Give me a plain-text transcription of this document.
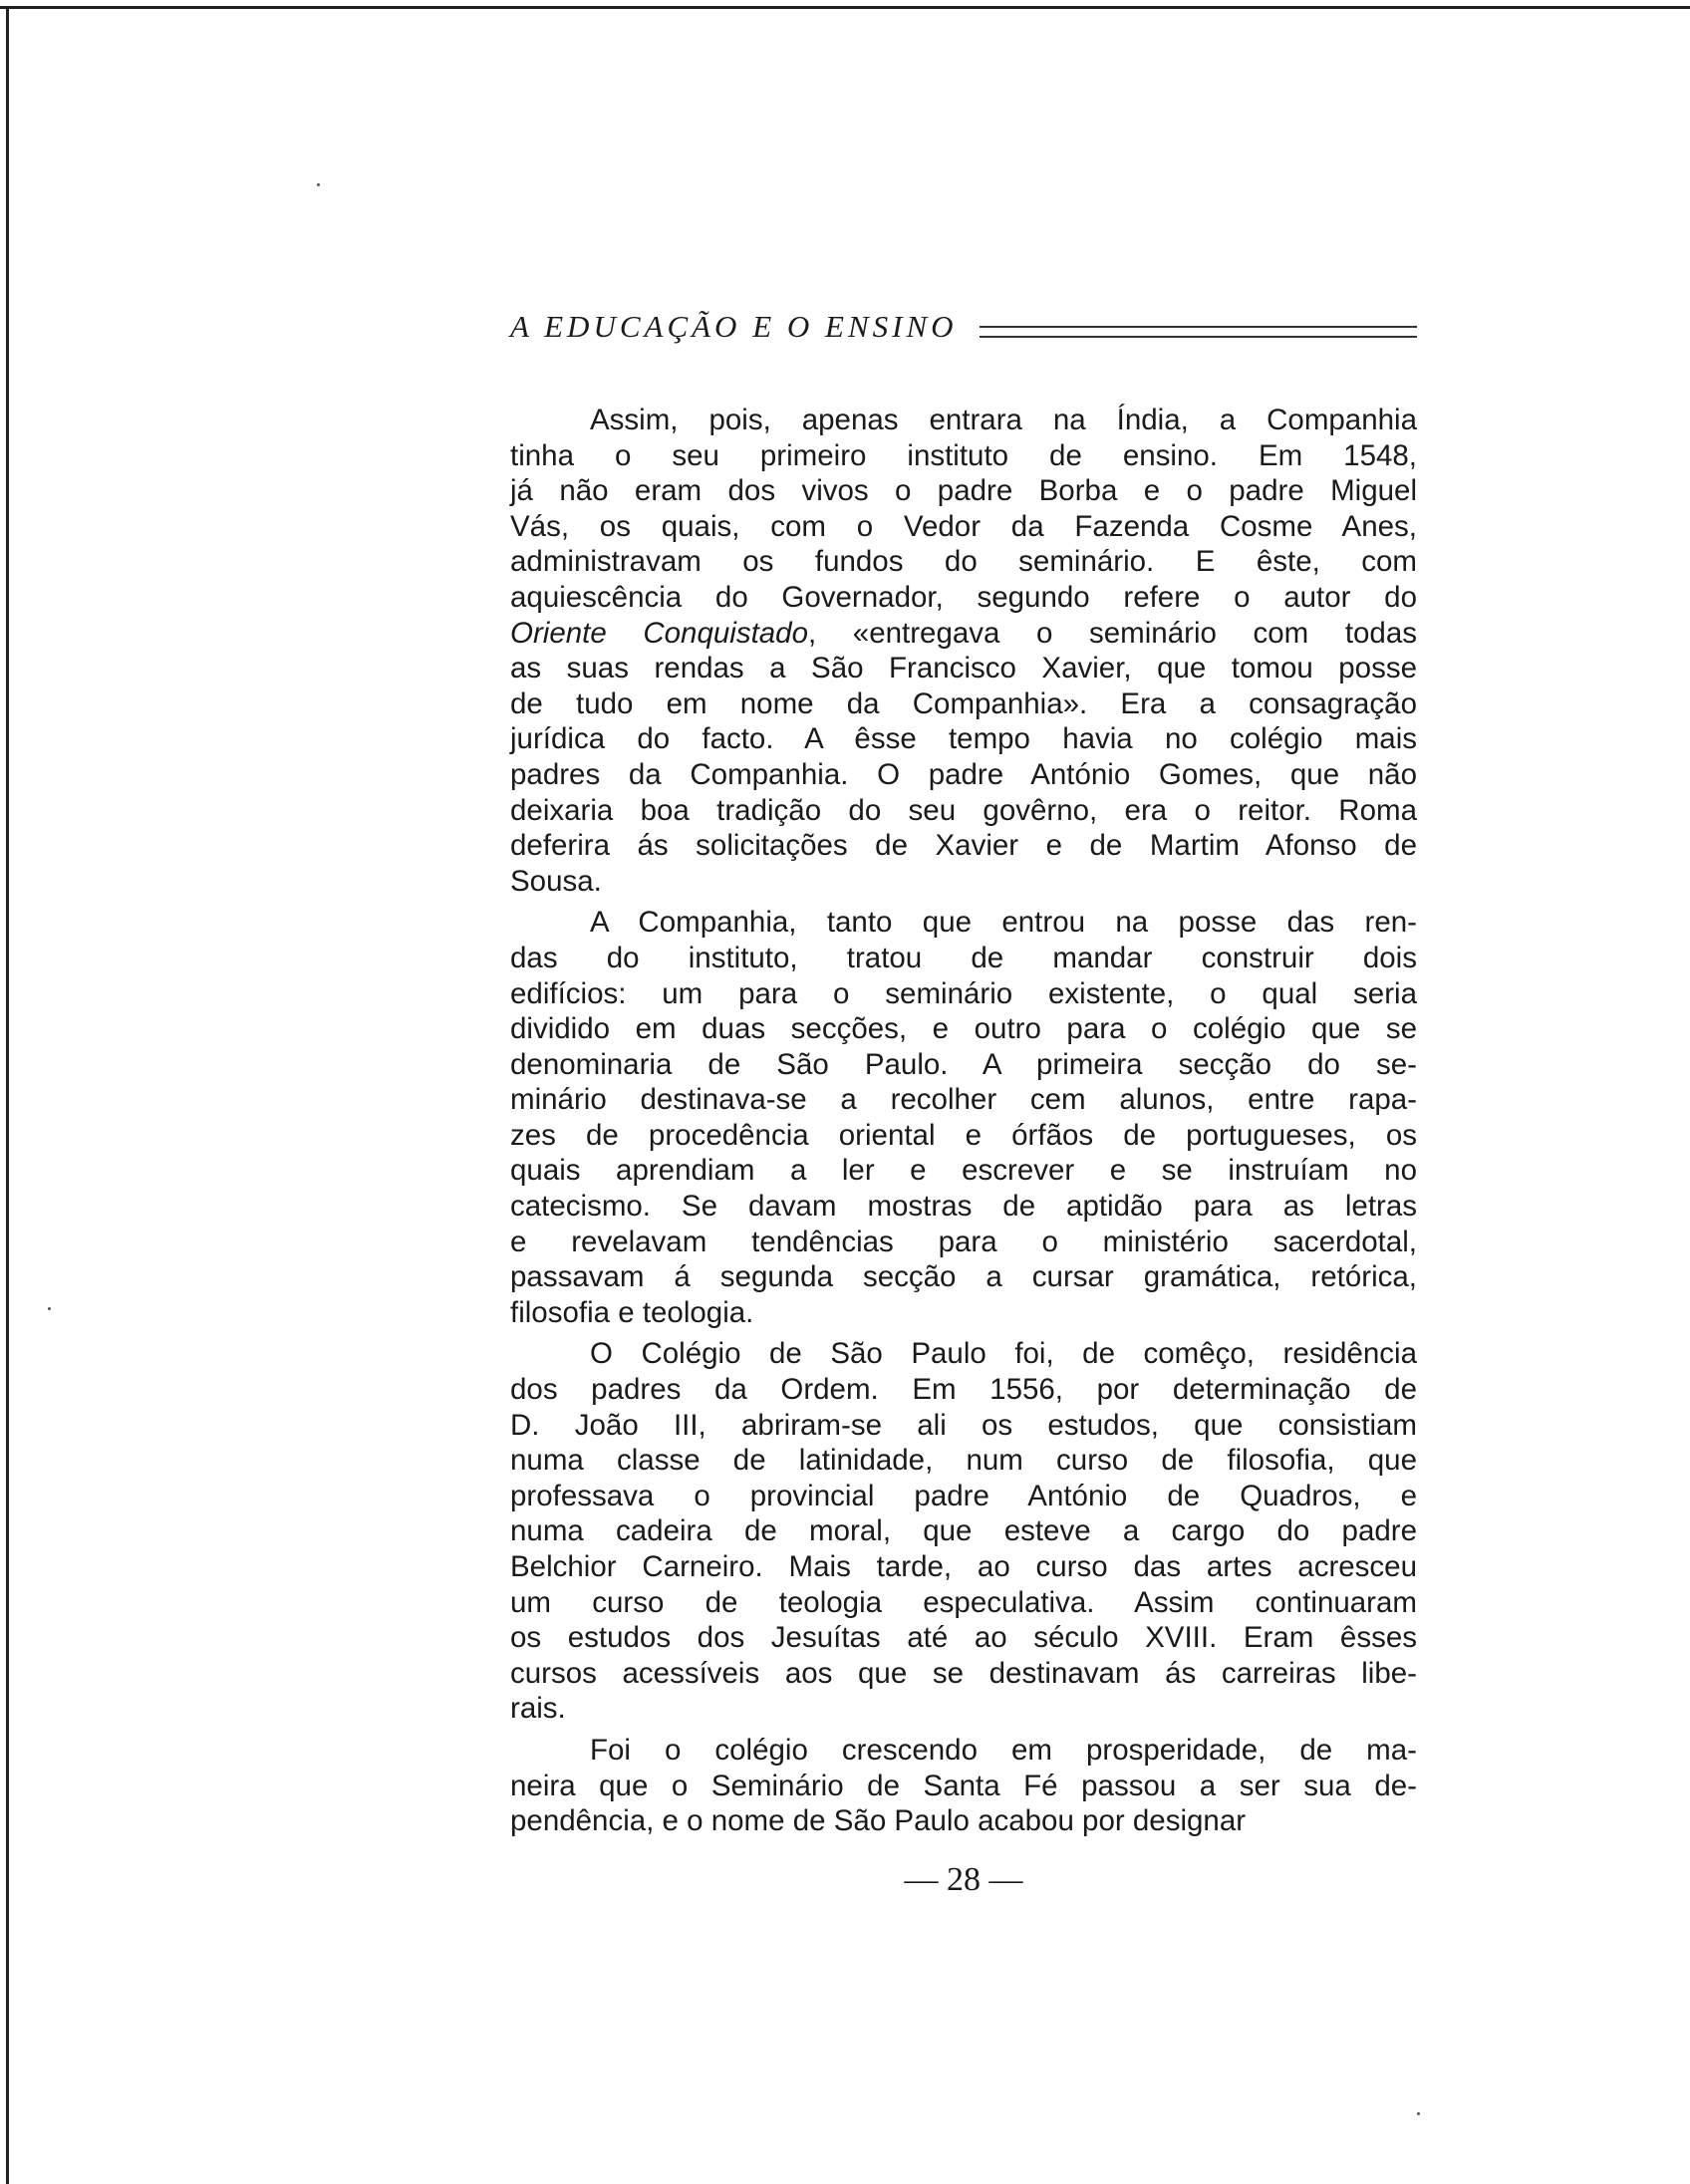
A EDUCAÇÃO E O ENSINO

Assim, pois, apenas entrara na Índia, a Companhia

tinha o seu primeiro instituto de ensino. Em 1548,

já não eram dos vivos o padre Borba e o padre Miguel

Vás, os quais, com o Vedor da Fazenda Cosme Anes,

administravam os fundos do seminário. E êste, com

aquiescência do Governador, segundo refere o autor do

Oriente Conquistado, «entregava o seminário com todas

as suas rendas a São Francisco Xavier, que tomou posse

de tudo em nome da Companhia». Era a consagração

jurídica do facto. A êsse tempo havia no colégio mais

padres da Companhia. O padre António Gomes, que não

deixaria boa tradição do seu govêrno, era o reitor. Roma

deferira ás solicitações de Xavier e de Martim Afonso de

Sousa.

A Companhia, tanto que entrou na posse das ren-

das do instituto, tratou de mandar construir dois

edifícios: um para o seminário existente, o qual seria

dividido em duas secções, e outro para o colégio que se

denominaria de São Paulo. A primeira secção do se-

minário destinava-se a recolher cem alunos, entre rapa-

zes de procedência oriental e órfãos de portugueses, os

quais aprendiam a ler e escrever e se instruíam no

catecismo. Se davam mostras de aptidão para as letras

e revelavam tendências para o ministério sacerdotal,

passavam á segunda secção a cursar gramática, retórica,

filosofia e teologia.

O Colégio de São Paulo foi, de comêço, residência

dos padres da Ordem. Em 1556, por determinação de

D. João III, abriram-se ali os estudos, que consistiam

numa classe de latinidade, num curso de filosofia, que

professava o provincial padre António de Quadros, e

numa cadeira de moral, que esteve a cargo do padre

Belchior Carneiro. Mais tarde, ao curso das artes acresceu

um curso de teologia especulativa. Assim continuaram

os estudos dos Jesuítas até ao século XVIII. Eram êsses

cursos acessíveis aos que se destinavam ás carreiras libe-

rais.

Foi o colégio crescendo em prosperidade, de ma-

neira que o Seminário de Santa Fé passou a ser sua de-

pendência, e o nome de São Paulo acabou por designar

— 28 —
